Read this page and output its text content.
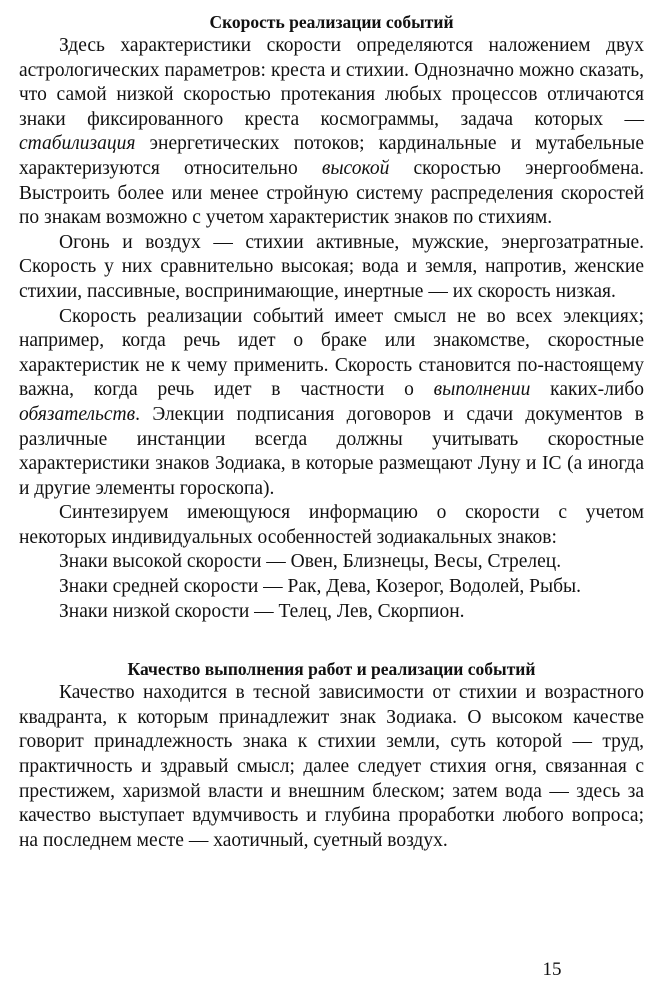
Скорость реализации событий

Здесь характеристики скорости определяются наложением двух астрологических параметров: креста и стихии. Однозначно можно сказать, что самой низкой скоростью протекания любых процессов отличаются знаки фиксированного креста космограммы, задача которых — стабилизация энергетических потоков; кардинальные и мутабельные характеризуются относительно высокой скоростью энергообмена. Выстроить более или менее стройную систему распределения скоростей по знакам возможно с учетом характеристик знаков по стихиям.

Огонь и воздух — стихии активные, мужские, энергозатратные. Скорость у них сравнительно высокая; вода и земля, напротив, женские стихии, пассивные, воспринимающие, инертные — их скорость низкая.

Скорость реализации событий имеет смысл не во всех элекциях; например, когда речь идет о браке или знакомстве, скоростные характеристик не к чему применить. Скорость становится по-настоящему важна, когда речь идет в частности о выполнении каких-либо обязательств. Элекции подписания договоров и сдачи документов в различные инстанции всегда должны учитывать скоростные характеристики знаков Зодиака, в которые размещают Луну и IC (а иногда и другие элементы гороскопа).

Синтезируем имеющуюся информацию о скорости с учетом некоторых индивидуальных особенностей зодиакальных знаков:

Знаки высокой скорости — Овен, Близнецы, Весы, Стрелец.

Знаки средней скорости — Рак, Дева, Козерог, Водолей, Рыбы.

Знаки низкой скорости — Телец, Лев, Скорпион.

Качество выполнения работ и реализации событий

Качество находится в тесной зависимости от стихии и возрастного квадранта, к которым принадлежит знак Зодиака. О высоком качестве говорит принадлежность знака к стихии земли, суть которой — труд, практичность и здравый смысл; далее следует стихия огня, связанная с престижем, харизмой власти и внешним блеском; затем вода — здесь за качество выступает вдумчивость и глубина проработки любого вопроса; на последнем месте — хаотичный, суетный воздух.

15
